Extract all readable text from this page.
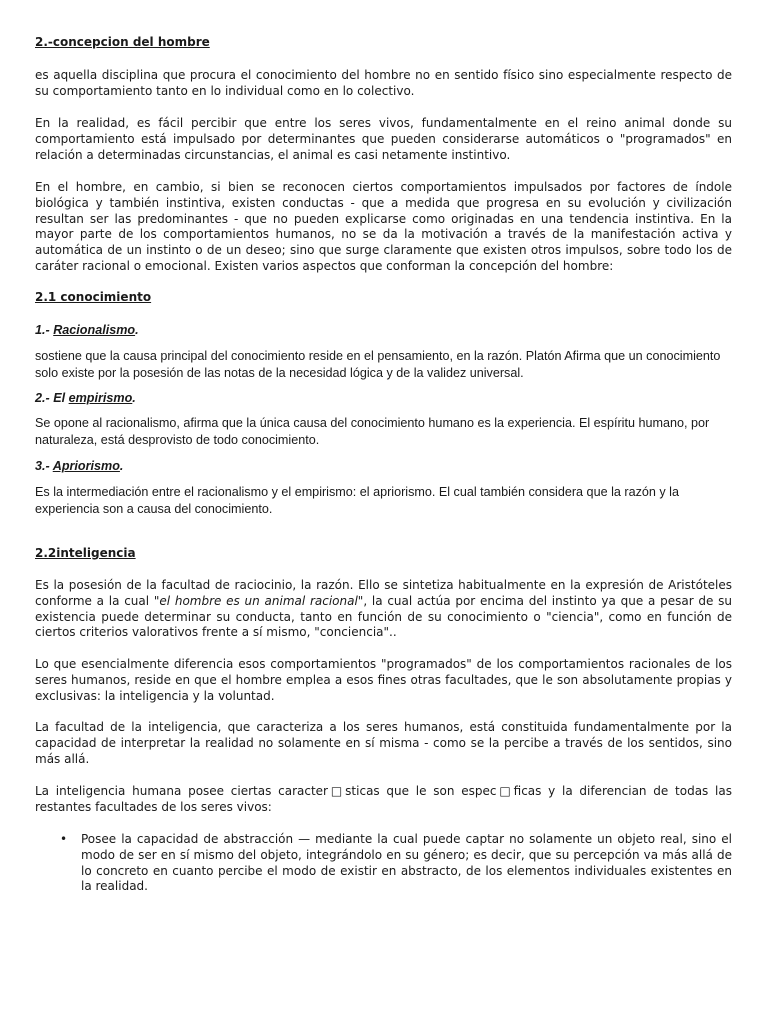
2.-concepcion del hombre

es aquella disciplina que procura el conocimiento del hombre no en sentido físico sino especialmente respecto de su comportamiento tanto en lo individual como en lo colectivo.

En la realidad, es fácil percibir que entre los seres vivos, fundamentalmente en el reino animal donde su comportamiento está impulsado por determinantes que pueden considerarse automáticos o "programados" en relación a determinadas circunstancias, el animal es casi netamente instintivo.

En el hombre, en cambio, si bien se reconocen ciertos comportamientos impulsados por factores de índole biológica y también instintiva, existen conductas - que a medida que progresa en su evolución y civilización resultan ser las predominantes - que no pueden explicarse como originadas en una tendencia instintiva. En la mayor parte de los comportamientos humanos, no se da la motivación a través de la manifestación activa y automática de un instinto o de un deseo; sino que surge claramente que existen otros impulsos, sobre todo los de caráter racional o emocional. Existen varios aspectos que conforman la concepción del hombre:

2.1 conocimiento
1.- Racionalismo.

sostiene que la causa principal del conocimiento reside en el pensamiento, en la razón. Platón Afirma que un conocimiento solo existe por la posesión de las notas de la necesidad lógica y de la validez universal.

2.- El empirismo.

Se opone al racionalismo, afirma que la única causa del conocimiento humano es la experiencia. El espíritu humano, por naturaleza, está desprovisto de todo conocimiento.

3.- Apriorismo.

Es la intermediación entre el racionalismo y el empirismo: el apriorismo. El cual también considera que la razón y la experiencia son a causa del conocimiento.

2.2inteligencia

Es la posesión de la facultad de raciocinio, la razón. Ello se sintetiza habitualmente en la expresión de Aristóteles conforme a la cual "el hombre es un animal racional", la cual actúa por encima del instinto ya que a pesar de su existencia puede determinar su conducta, tanto en función de su conocimiento o "ciencia", como en función de ciertos criterios valorativos frente a sí mismo, "conciencia"..

Lo que esencialmente diferencia esos comportamientos "programados" de los comportamientos racionales de los seres humanos, reside en que el hombre emplea a esos fines otras facultades, que le son absolutamente propias y exclusivas: la inteligencia y la voluntad.

La facultad de la inteligencia, que caracteriza a los seres humanos, está constituida fundamentalmente por la capacidad de interpretar la realidad no solamente en sí misma - como se la percibe a través de los sentidos, sino más allá.

La inteligencia humana posee ciertas caracter□sticas que le son espec□ficas y la diferencian de todas las restantes facultades de los seres vivos:

• Posee la capacidad de abstracción — mediante la cual puede captar no solamente un objeto real, sino el modo de ser en sí mismo del objeto, integrándolo en su género; es decir, que su percepción va más allá de lo concreto en cuanto percibe el modo de existir en abstracto, de los elementos individuales existentes en la realidad.
